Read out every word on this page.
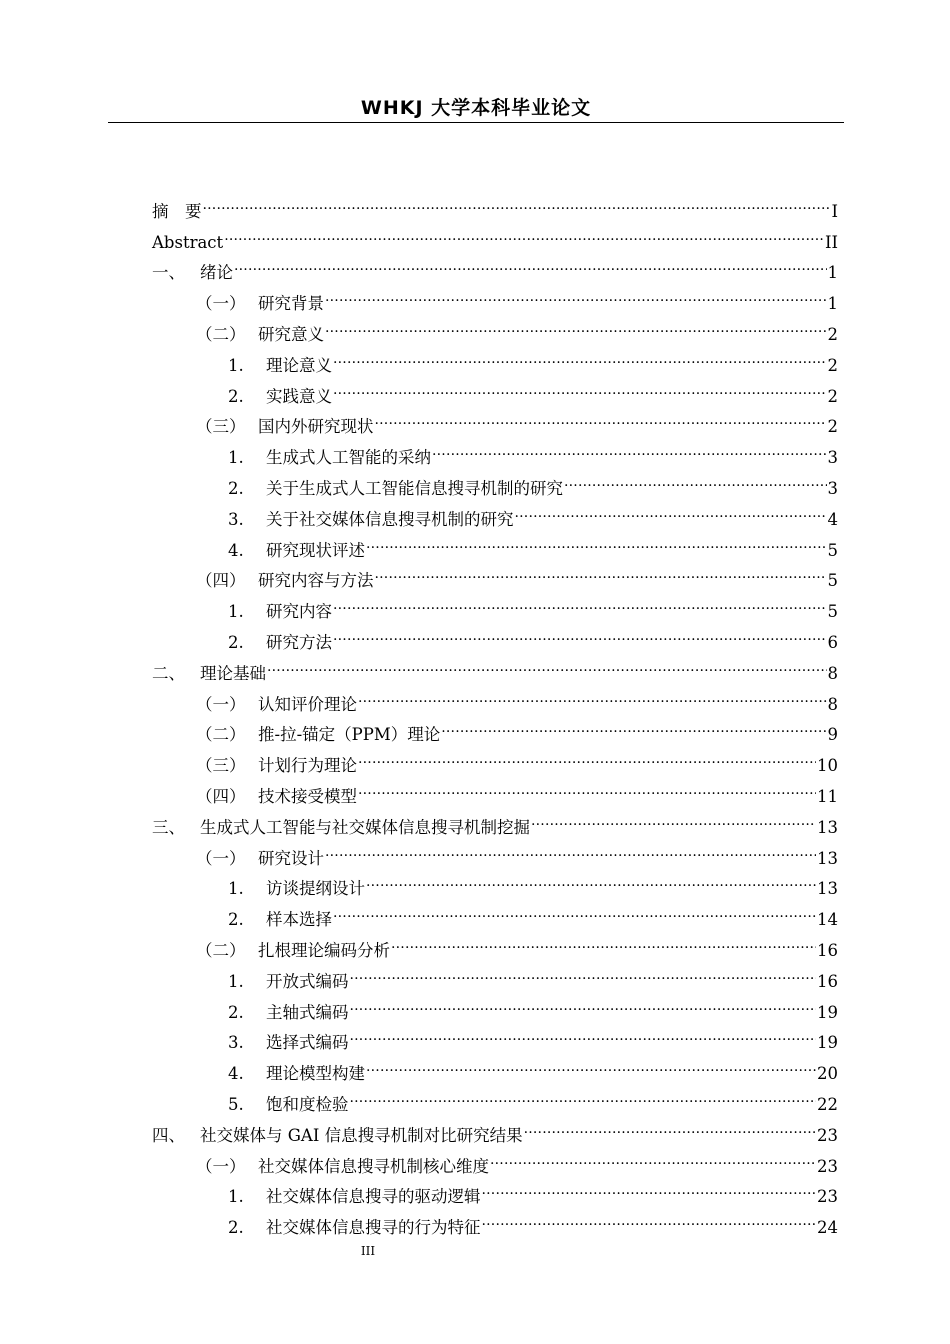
WHKJ 大学本科毕业论文
摘　要 .....	I
Abstract .....	II
一、 绪论 .....	1
（一） 研究背景 .....	1
（二） 研究意义 .....	2
1.	理论意义 .....	2
2.	实践意义 .....	2
（三） 国内外研究现状 .....	2
1.	生成式人工智能的采纳 .....	3
2.	关于生成式人工智能信息搜寻机制的研究 .....	3
3.	关于社交媒体信息搜寻机制的研究 .....	4
4.	研究现状评述 .....	5
（四） 研究内容与方法 .....	5
1.	研究内容 .....	5
2.	研究方法 .....	6
二、 理论基础 .....	8
（一） 认知评价理论 .....	8
（二） 推-拉-锚定（PPM）理论 .....	9
（三） 计划行为理论 .....	10
（四） 技术接受模型 .....	11
三、 生成式人工智能与社交媒体信息搜寻机制挖掘 .....	13
（一） 研究设计 .....	13
1.	访谈提纲设计 .....	13
2.	样本选择 .....	14
（二） 扎根理论编码分析 .....	16
1.	开放式编码 .....	16
2.	主轴式编码 .....	19
3.	选择式编码 .....	19
4.	理论模型构建 .....	20
5.	饱和度检验 .....	22
四、 社交媒体与 GAI 信息搜寻机制对比研究结果 .....	23
（一） 社交媒体信息搜寻机制核心维度 .....	23
1.	社交媒体信息搜寻的驱动逻辑 .....	23
2.	社交媒体信息搜寻的行为特征 .....	24
III
